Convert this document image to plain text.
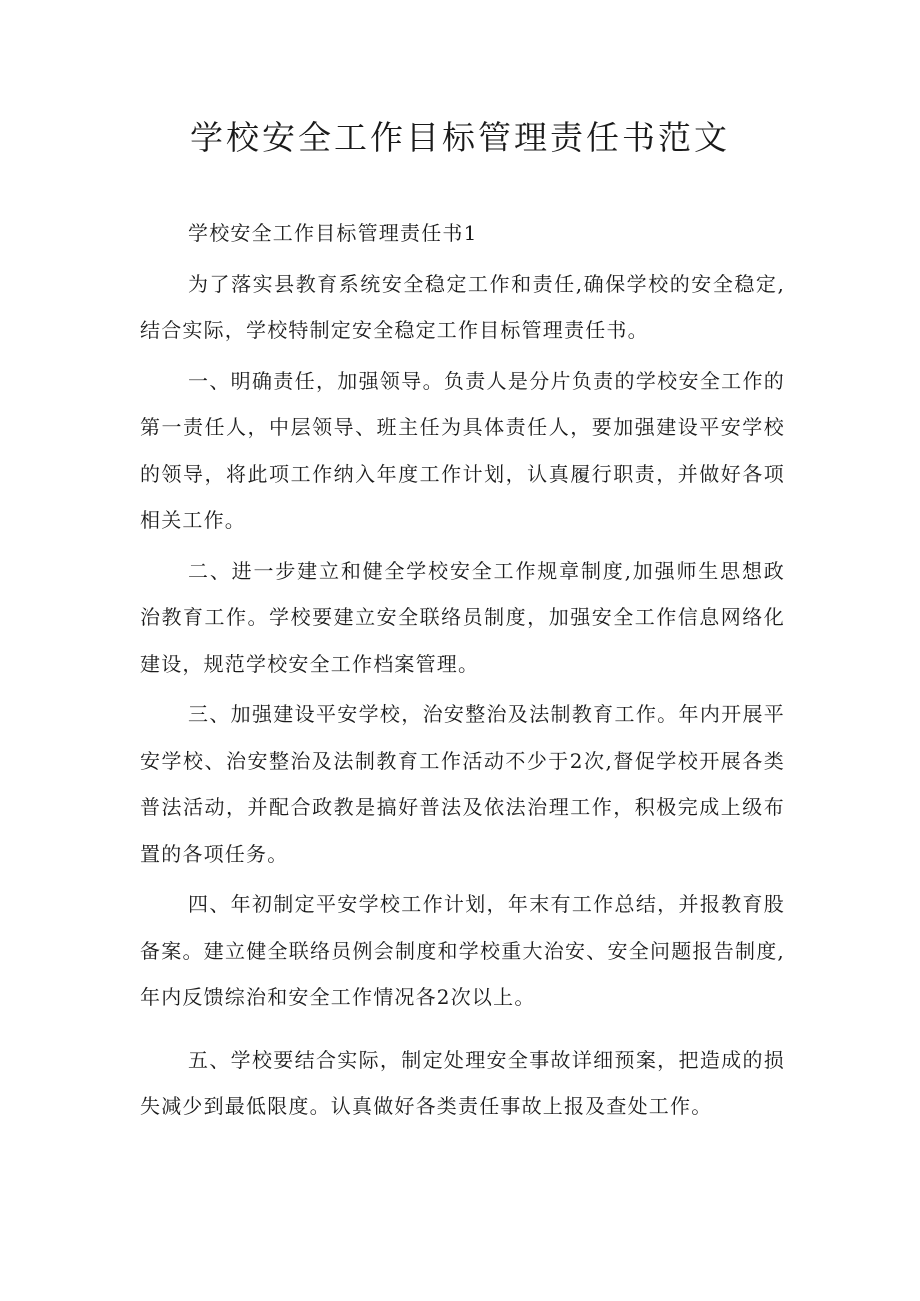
学校安全工作目标管理责任书范文

学校安全工作目标管理责任书1

为了落实县教育系统安全稳定工作和责任,确保学校的安全稳定,结合实际，学校特制定安全稳定工作目标管理责任书。

一、明确责任，加强领导。负责人是分片负责的学校安全工作的第一责任人，中层领导、班主任为具体责任人，要加强建设平安学校的领导，将此项工作纳入年度工作计划，认真履行职责，并做好各项相关工作。

二、进一步建立和健全学校安全工作规章制度,加强师生思想政治教育工作。学校要建立安全联络员制度，加强安全工作信息网络化建设，规范学校安全工作档案管理。

三、加强建设平安学校，治安整治及法制教育工作。年内开展平安学校、治安整治及法制教育工作活动不少于2次,督促学校开展各类普法活动，并配合政教是搞好普法及依法治理工作，积极完成上级布置的各项任务。

四、年初制定平安学校工作计划，年末有工作总结，并报教育股备案。建立健全联络员例会制度和学校重大治安、安全问题报告制度,年内反馈综治和安全工作情况各2次以上。

五、学校要结合实际，制定处理安全事故详细预案，把造成的损失减少到最低限度。认真做好各类责任事故上报及查处工作。
